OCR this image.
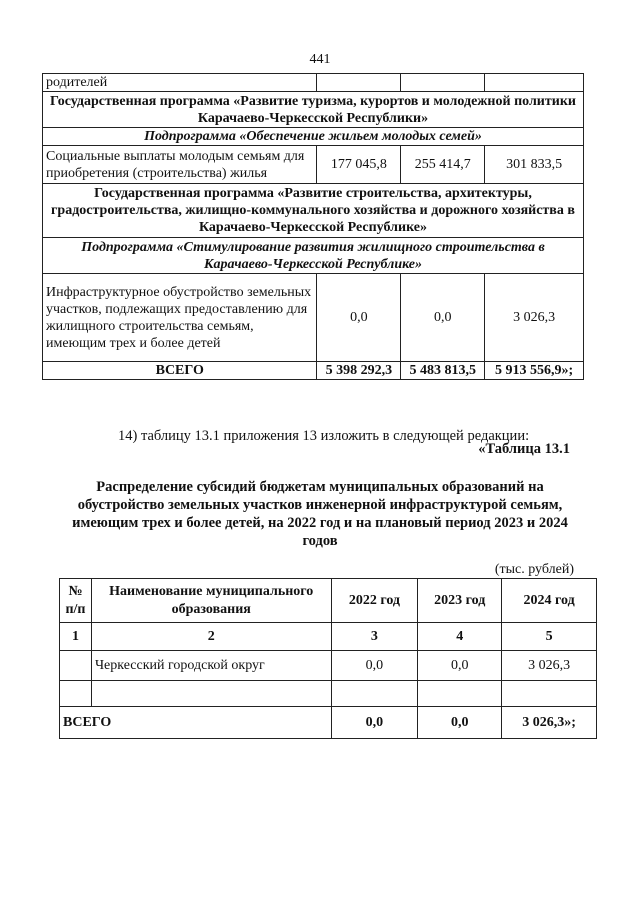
441
родителей			
Государственная программа «Развитие туризма, курортов и молодежной политики Карачаево-Черкесской Республики»			
Подпрограмма «Обеспечение жильем молодых семей»			
Социальные выплаты молодым семьям для приобретения (строительства) жилья	177 045,8	255 414,7	301 833,5
Государственная программа «Развитие строительства, архитектуры, градостроительства, жилищно-коммунального хозяйства и дорожного хозяйства в Карачаево-Черкесской Республике»			
Подпрограмма «Стимулирование развития жилищного строительства в Карачаево-Черкесской Республике»			
Инфраструктурное обустройство земельных участков, подлежащих предоставлению для жилищного строительства семьям, имеющим трех и более детей	0,0	0,0	3 026,3
ВСЕГО	5 398 292,3	5 483 813,5	5 913 556,9»;
14) таблицу 13.1 приложения 13 изложить в следующей редакции:
«Таблица 13.1
Распределение субсидий бюджетам муниципальных образований на обустройство земельных участков инженерной инфраструктурой семьям, имеющим трех и более детей, на 2022 год и на плановый период 2023 и 2024 годов
(тыс. рублей)
№ п/п	Наименование муниципального образования	2022 год	2023 год	2024 год
1	2	3	4	5
	Черкесский городской округ	0,0	0,0	3 026,3

ВСЕГО		0,0	0,0	3 026,3»;
